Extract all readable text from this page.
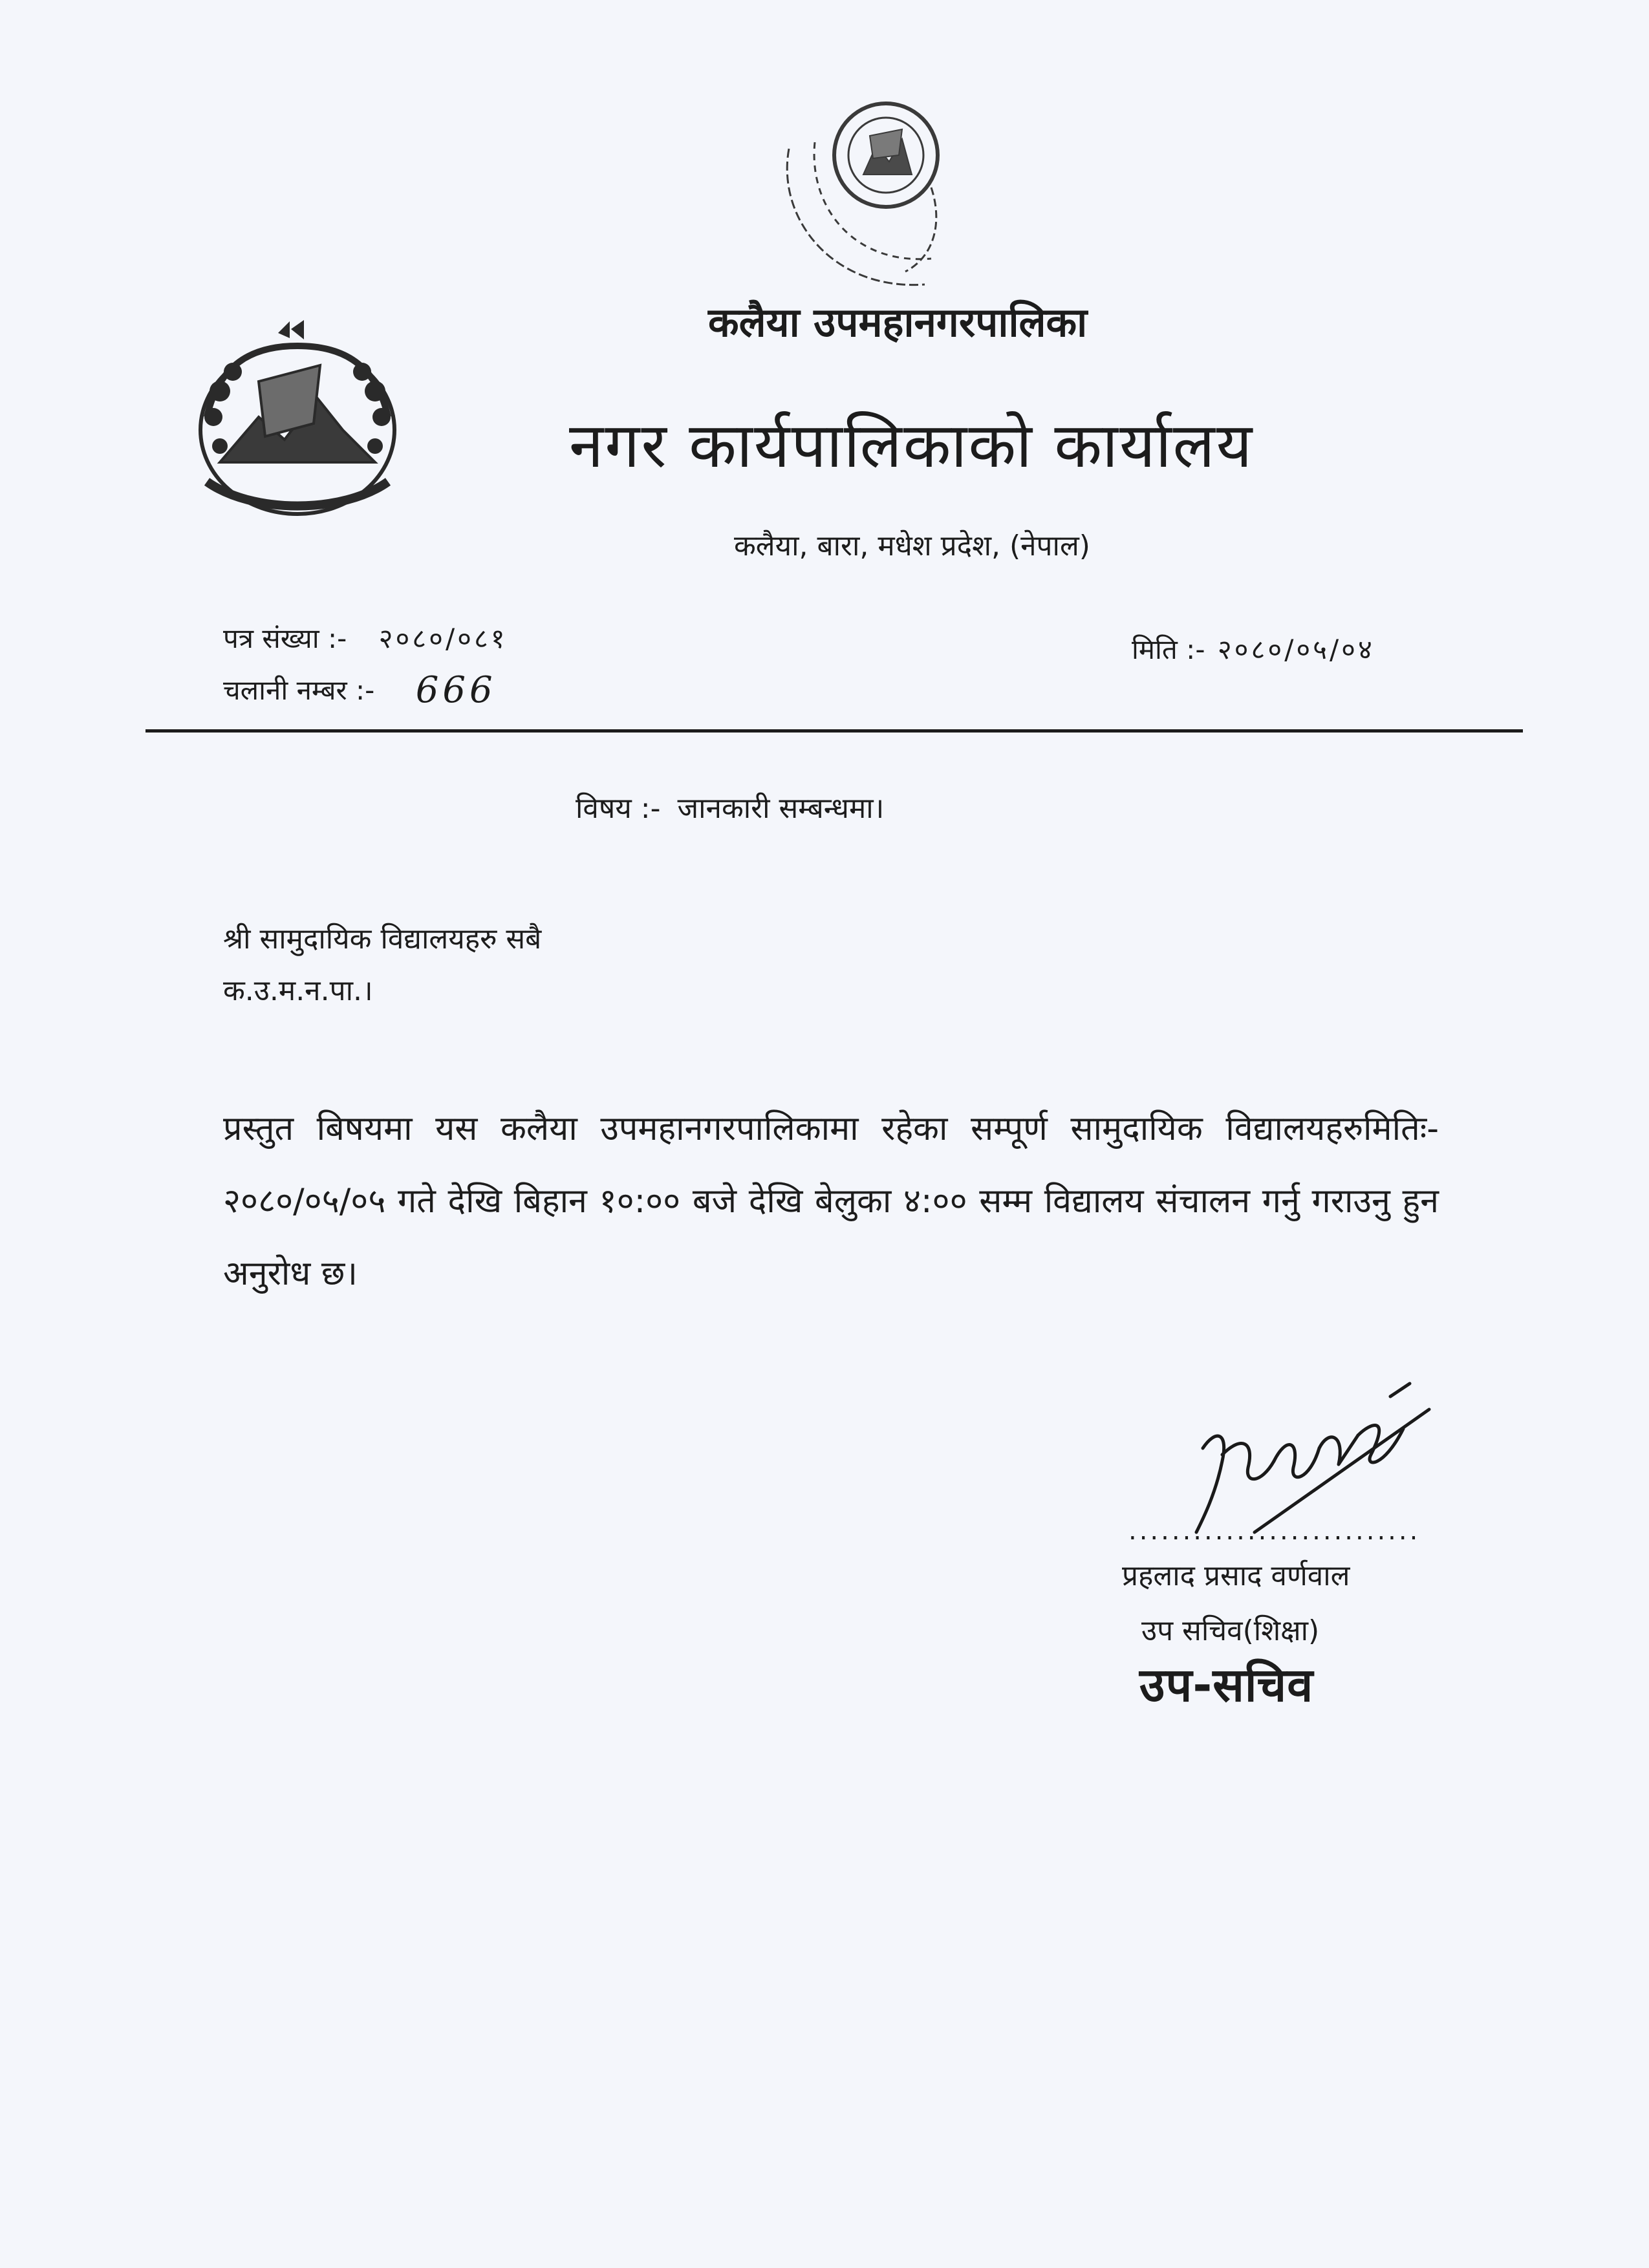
कलैया उपमहानगरपालिका
नगर कार्यपालिकाको कार्यालय
कलैया, बारा, मधेश प्रदेश, (नेपाल)
पत्र संख्या :- २०८०/०८१
चलानी नम्बर :- 666
मिति :- २०८०/०५/०४
विषय :- जानकारी सम्बन्धमा।
श्री सामुदायिक विद्यालयहरु सबै
क.उ.म.न.पा.।
प्रस्तुत बिषयमा यस कलैया उपमहानगरपालिकामा रहेका सम्पूर्ण सामुदायिक विद्यालयहरुमितिः- २०८०/०५/०५ गते देखि बिहान १०:०० बजे देखि बेलुका ४:०० सम्म विद्यालय संचालन गर्नु गराउनु हुन अनुरोध छ।
...........................
प्रहलाद प्रसाद वर्णवाल
उप सचिव(शिक्षा)
उप-सचिव
